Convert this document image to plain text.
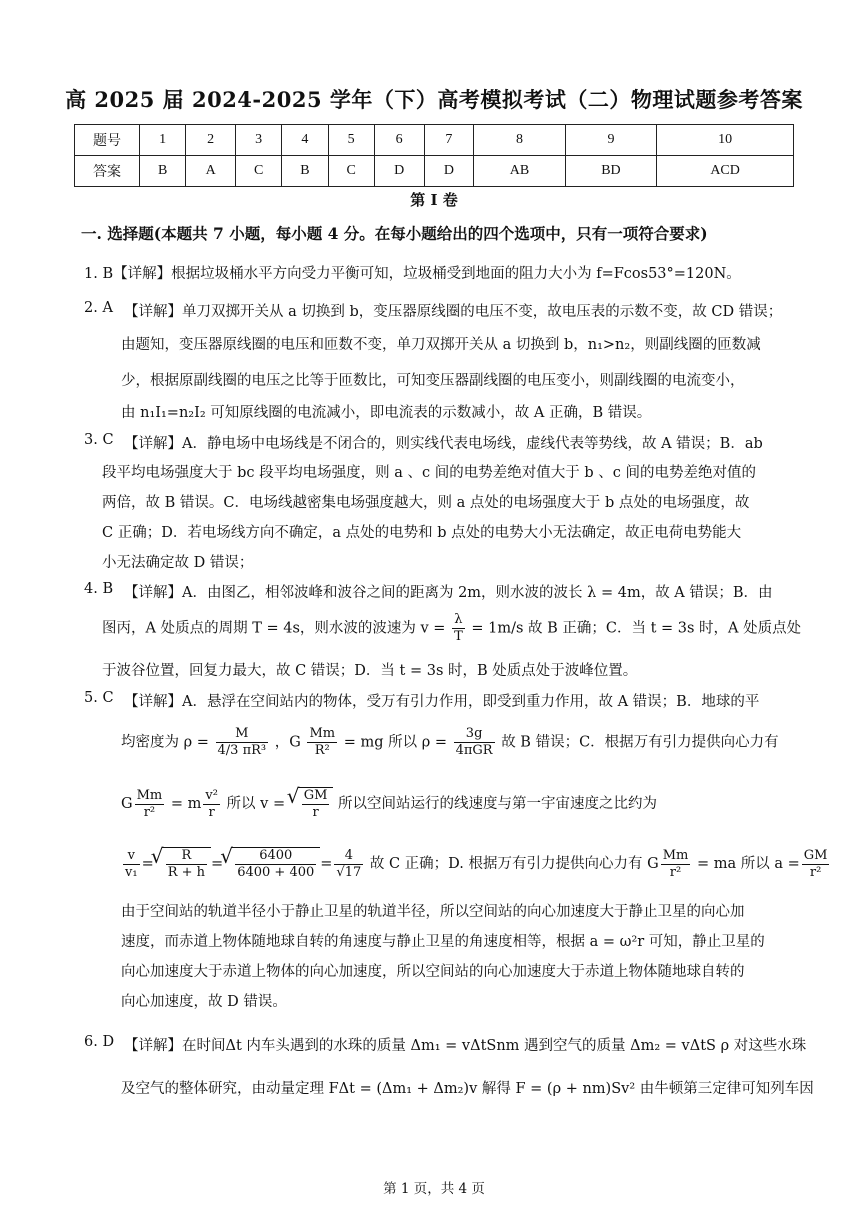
高 2025 届 2024-2025 学年（下）高考模拟考试（二）物理试题参考答案
题号	1	2	3	4	5	6	7	8	9	10
答案	B	A	C	B	C	D	D	AB	BD	ACD
第 I 卷
一. 选择题(本题共 7 小题，每小题 4 分。在每小题给出的四个选项中，只有一项符合要求)
1. B【详解】根据垃圾桶水平方向受力平衡可知，垃圾桶受到地面的阻力大小为 f=Fcos53°=120N。
2. A 【详解】单刀双掷开关从 a 切换到 b，变压器原线圈的电压不变，故电压表的示数不变，故 CD 错误；
由题知，变压器原线圈的电压和匝数不变，单刀双掷开关从 a 切换到 b，n₁>n₂，则副线圈的匝数减
少，根据原副线圈的电压之比等于匝数比，可知变压器副线圈的电压变小，则副线圈的电流变小，
由 n₁I₁=n₂I₂ 可知原线圈的电流减小，即电流表的示数减小，故 A 正确，B 错误。
3. C 【详解】A．静电场中电场线是不闭合的，则实线代表电场线，虚线代表等势线，故 A 错误；B．ab
段平均电场强度大于 bc 段平均电场强度，则 a 、c 间的电势差绝对值大于 b 、c 间的电势差绝对值的
两倍，故 B 错误。C．电场线越密集电场强度越大，则 a 点处的电场强度大于 b 点处的电场强度，故
C 正确；D．若电场线方向不确定，a 点处的电势和 b 点处的电势大小无法确定，故正电荷电势能大
小无法确定故 D 错误；
4. B 【详解】A．由图乙，相邻波峰和波谷之间的距离为 2m，则水波的波长 λ = 4m，故 A 错误；B．由
图丙，A 处质点的周期 T = 4s，则水波的波速为 $v = \frac{\lambda}{T} = 1m/s$ 故 B 正确；C．当 t = 3s 时，A 处质点处
于波谷位置，回复力最大，故 C 错误；D．当 t = 3s 时，B 处质点处于波峰位置。
5. C 【详解】A．悬浮在空间站内的物体，受万有引力作用，即受到重力作用，故 A 错误；B．地球的平
均密度为 $\rho = \frac{M}{\text{4/3 πR³}}$ ，G $\frac{Mm}{\text{R²}}$ = mg 所以 $\rho = \frac{3g}{\text{4πGR}}$ 故 B 错误；C．根据万有引力提供向心力有
G $\frac{Mm}{\text{r²}} = m \frac{\text{v²}}{r}$ 所以 v = √ $\frac{GM}{r}$ 所以空间站运行的线速度与第一宇宙速度之比约为
$\frac{v}{\text{v₁}}$ = √ $\frac{R}{R + h}$ = √ $\frac{6400}{6400 + 400} = \frac{4}{√17}$ 故 C 正确；D. 根据万有引力提供向心力有 G $\frac{Mm}{\text{r²}}$ = ma 所以 $a = \frac{GM}{\text{r²}}$
由于空间站的轨道半径小于静止卫星的轨道半径，所以空间站的向心加速度大于静止卫星的向心加
速度，而赤道上物体随地球自转的角速度与静止卫星的角速度相等，根据 a = ω²r 可知，静止卫星的
向心加速度大于赤道上物体的向心加速度，所以空间站的向心加速度大于赤道上物体随地球自转的
向心加速度，故 D 错误。
6. D 【详解】在时间Δt 内车头遇到的水珠的质量 Δm₁ = vΔtSnm 遇到空气的质量 Δm₂ = vΔtS ρ 对这些水珠
及空气的整体研究，由动量定理 FΔt = (Δm₁ + Δm₂)v 解得 F = (ρ + nm)Sv² 由牛顿第三定律可知列车因
第 1 页，共 4 页
